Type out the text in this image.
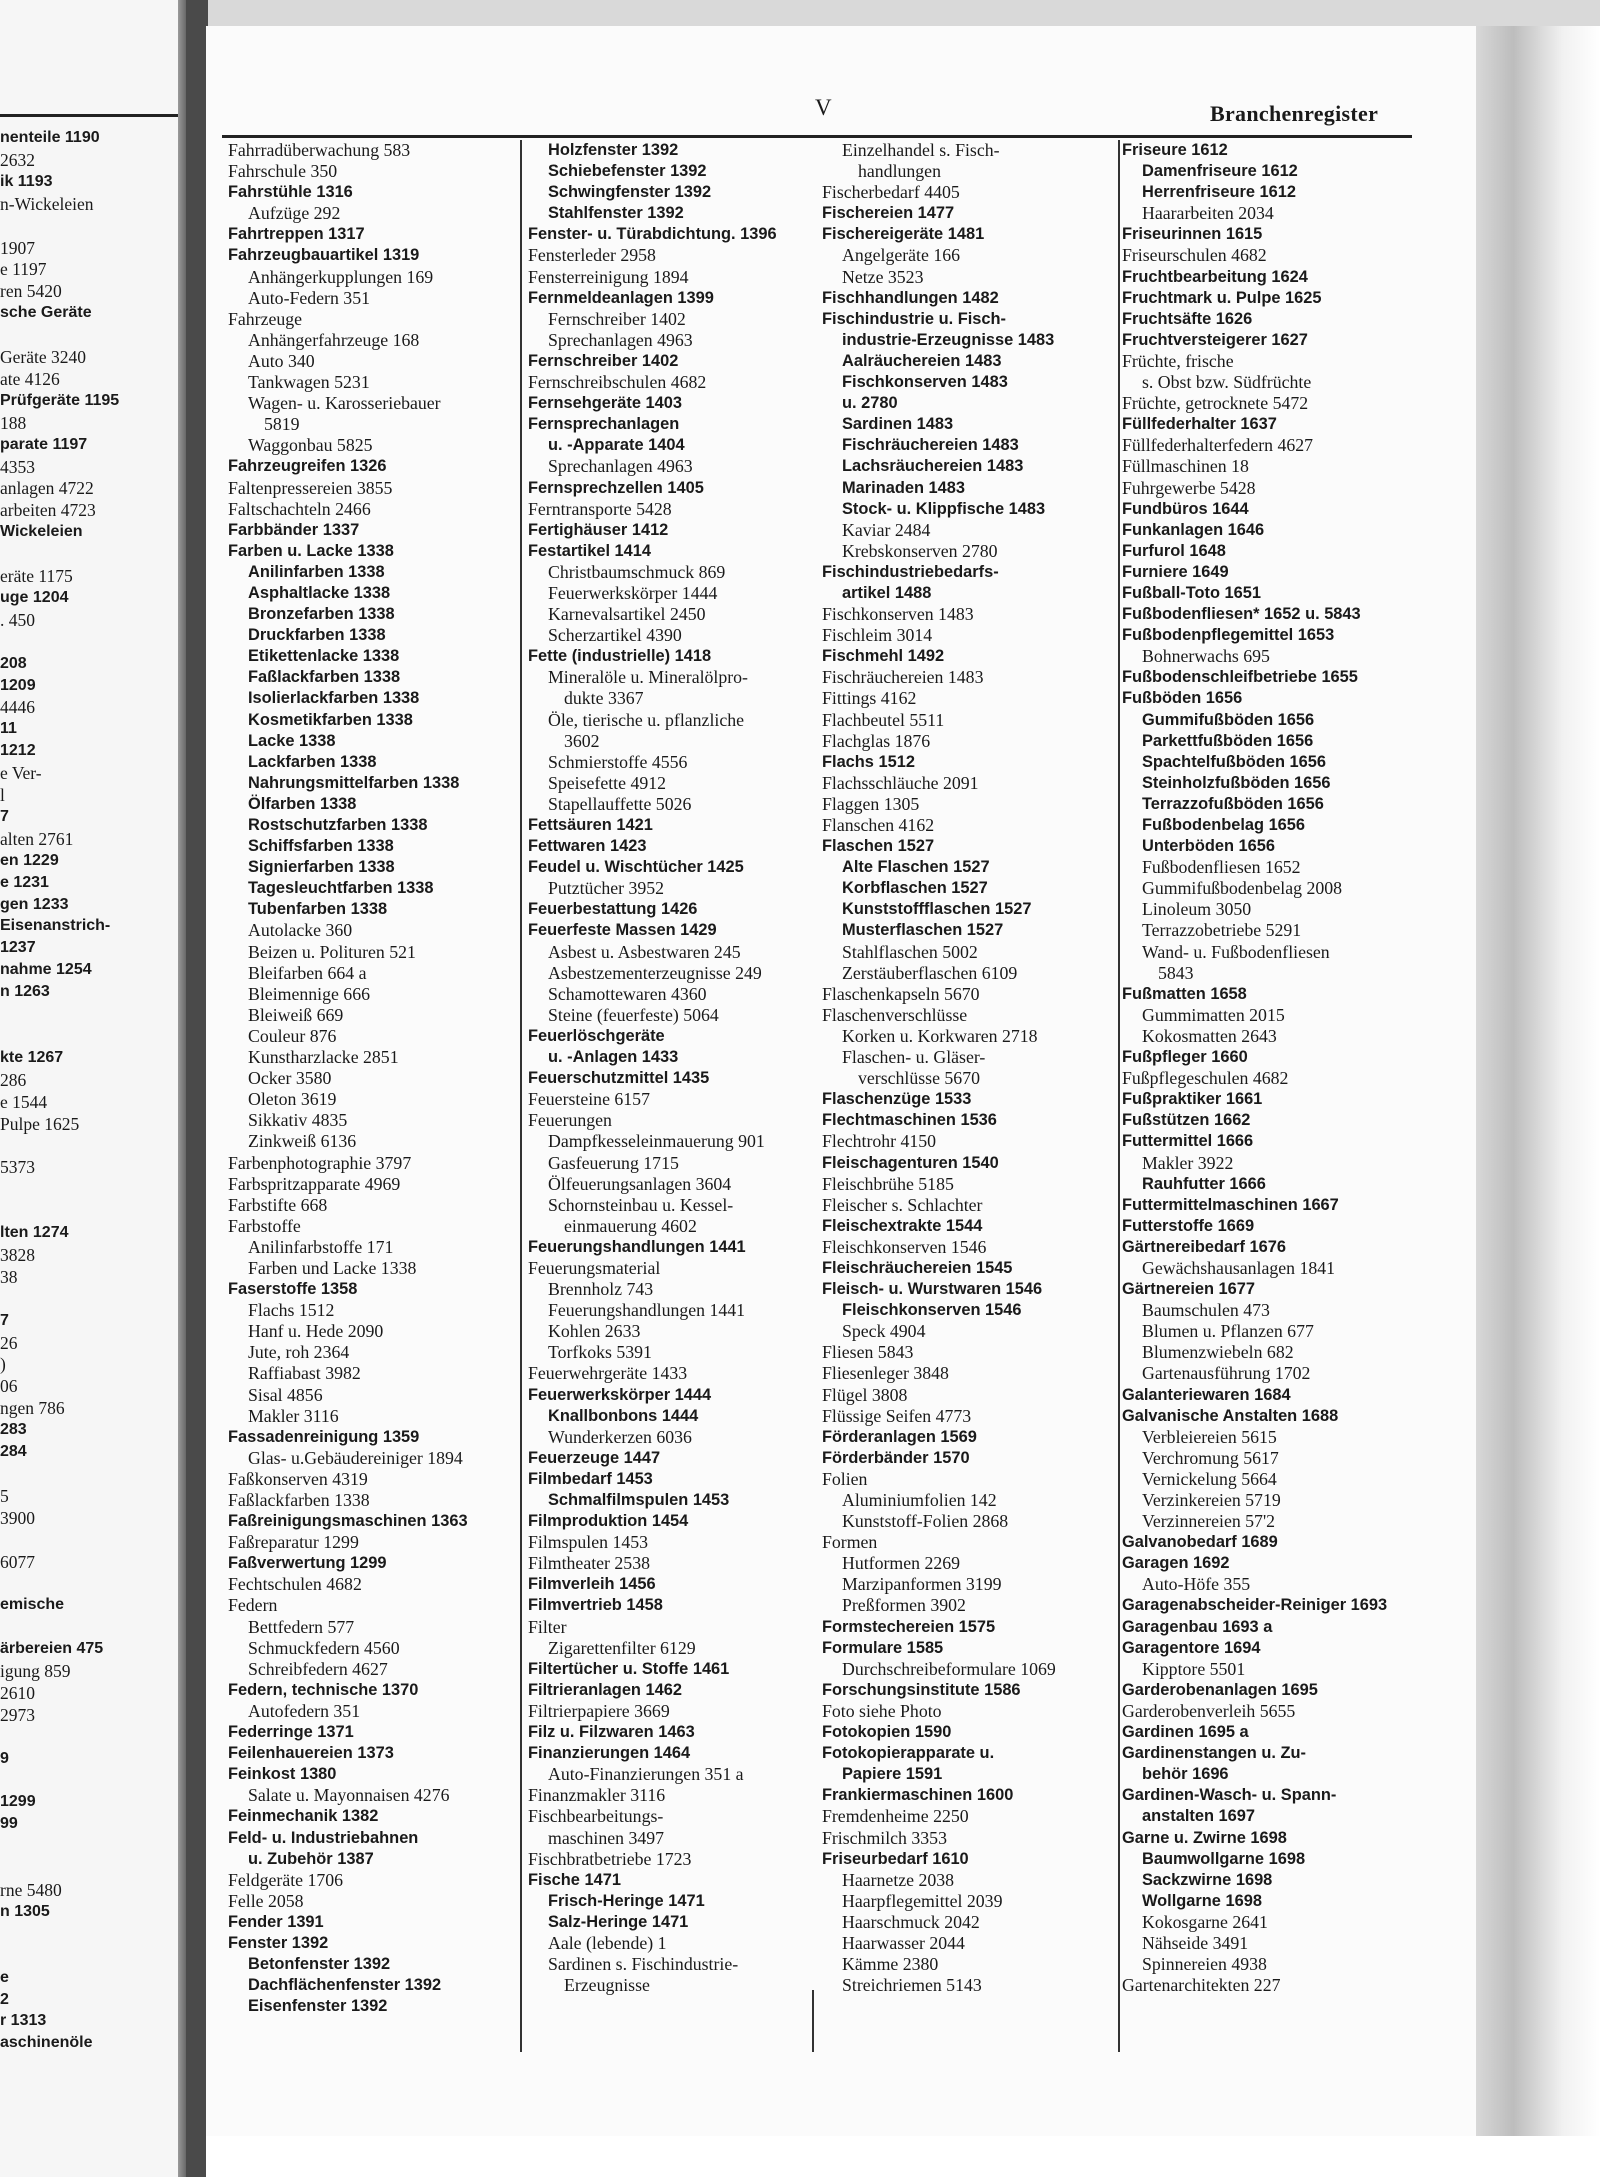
nenteile 1190
2632
ik 1193
n-Wickeleien
1907
e 1197
ren 5420
sche Geräte
Geräte 3240
ate 4126
Prüfgeräte 1195
188
parate 1197
4353
anlagen 4722
arbeiten 4723
Wickeleien
eräte 1175
uge 1204
. 450
208
1209
4446
11
1212
e Ver-
l
7
alten 2761
en 1229
e 1231
gen 1233
Eisenanstrich-
1237
nahme 1254
n 1263
kte 1267
286
e 1544
Pulpe 1625
5373
lten 1274
3828
38
7
26
)
06
ngen 786
283
284
5
3900
6077
emische
ärbereien 475
igung 859
2610
2973
9
1299
99
rne 5480
n 1305
e
2
r 1313
aschinenöle
V	Branchenregister
Fahrradüberwachung 583
Fahrschule 350
Fahrstühle 1316
Aufzüge 292
Fahrtreppen 1317
Fahrzeugbauartikel 1319
Anhängerkupplungen 169
Auto-Federn 351
Fahrzeuge
Anhängerfahrzeuge 168
Auto 340
Tankwagen 5231
Wagen- u. Karosseriebauer
5819
Waggonbau 5825
Fahrzeugreifen 1326
Faltenpressereien 3855
Faltschachteln 2466
Farbbänder 1337
Farben u. Lacke 1338
Anilinfarben 1338
Asphaltlacke 1338
Bronzefarben 1338
Druckfarben 1338
Etikettenlacke 1338
Faßlackfarben 1338
Isolierlackfarben 1338
Kosmetikfarben 1338
Lacke 1338
Lackfarben 1338
Nahrungsmittelfarben 1338
Ölfarben 1338
Rostschutzfarben 1338
Schiffsfarben 1338
Signierfarben 1338
Tagesleuchtfarben 1338
Tubenfarben 1338
Autolacke 360
Beizen u. Polituren 521
Bleifarben 664 a
Bleimennige 666
Bleiweiß 669
Couleur 876
Kunstharzlacke 2851
Ocker 3580
Oleton 3619
Sikkativ 4835
Zinkweiß 6136
Farbenphotographie 3797
Farbspritzapparate 4969
Farbstifte 668
Farbstoffe
Anilinfarbstoffe 171
Farben und Lacke 1338
Faserstoffe 1358
Flachs 1512
Hanf u. Hede 2090
Jute, roh 2364
Raffiabast 3982
Sisal 4856
Makler 3116
Fassadenreinigung 1359
Glas- u.Gebäudereiniger 1894
Faßkonserven 4319
Faßlackfarben 1338
Faßreinigungsmaschinen 1363
Faßreparatur 1299
Faßverwertung 1299
Fechtschulen 4682
Federn
Bettfedern 577
Schmuckfedern 4560
Schreibfedern 4627
Federn, technische 1370
Autofedern 351
Federringe 1371
Feilenhauereien 1373
Feinkost 1380
Salate u. Mayonnaisen 4276
Feinmechanik 1382
Feld- u. Industriebahnen
u. Zubehör 1387
Feldgeräte 1706
Felle 2058
Fender 1391
Fenster 1392
Betonfenster 1392
Dachflächenfenster 1392
Eisenfenster 1392
Holzfenster 1392
Schiebefenster 1392
Schwingfenster 1392
Stahlfenster 1392
Fenster- u. Türabdichtung. 1396
Fensterleder 2958
Fensterreinigung 1894
Fernmeldeanlagen 1399
Fernschreiber 1402
Sprechanlagen 4963
Fernschreiber 1402
Fernschreibschulen 4682
Fernsehgeräte 1403
Fernsprechanlagen
u. -Apparate 1404
Sprechanlagen 4963
Fernsprechzellen 1405
Ferntransporte 5428
Fertighäuser 1412
Festartikel 1414
Christbaumschmuck 869
Feuerwerkskörper 1444
Karnevalsartikel 2450
Scherzartikel 4390
Fette (industrielle) 1418
Mineralöle u. Mineralölpro-
dukte 3367
Öle, tierische u. pflanzliche
3602
Schmierstoffe 4556
Speisefette 4912
Stapellauffette 5026
Fettsäuren 1421
Fettwaren 1423
Feudel u. Wischtücher 1425
Putztücher 3952
Feuerbestattung 1426
Feuerfeste Massen 1429
Asbest u. Asbestwaren 245
Asbestzementerzeugnisse 249
Schamottewaren 4360
Steine (feuerfeste) 5064
Feuerlöschgeräte
u. -Anlagen 1433
Feuerschutzmittel 1435
Feuersteine 6157
Feuerungen
Dampfkesseleinmauerung 901
Gasfeuerung 1715
Ölfeuerungsanlagen 3604
Schornsteinbau u. Kessel-
einmauerung 4602
Feuerungshandlungen 1441
Feuerungsmaterial
Brennholz 743
Feuerungshandlungen 1441
Kohlen 2633
Torfkoks 5391
Feuerwehrgeräte 1433
Feuerwerkskörper 1444
Knallbonbons 1444
Wunderkerzen 6036
Feuerzeuge 1447
Filmbedarf 1453
Schmalfilmspulen 1453
Filmproduktion 1454
Filmspulen 1453
Filmtheater 2538
Filmverleih 1456
Filmvertrieb 1458
Filter
Zigarettenfilter 6129
Filtertücher u. Stoffe 1461
Filtrieranlagen 1462
Filtrierpapiere 3669
Filz u. Filzwaren 1463
Finanzierungen 1464
Auto-Finanzierungen 351 a
Finanzmakler 3116
Fischbearbeitungs-
maschinen 3497
Fischbratbetriebe 1723
Fische 1471
Frisch-Heringe 1471
Salz-Heringe 1471
Aale (lebende) 1
Sardinen s. Fischindustrie-
Erzeugnisse
Einzelhandel s. Fisch-
handlungen
Fischerbedarf 4405
Fischereien 1477
Fischereigeräte 1481
Angelgeräte 166
Netze 3523
Fischhandlungen 1482
Fischindustrie u. Fisch-
industrie-Erzeugnisse 1483
Aalräuchereien 1483
Fischkonserven 1483
u. 2780
Sardinen 1483
Fischräuchereien 1483
Lachsräuchereien 1483
Marinaden 1483
Stock- u. Klippfische 1483
Kaviar 2484
Krebskonserven 2780
Fischindustriebedarfs-
artikel 1488
Fischkonserven 1483
Fischleim 3014
Fischmehl 1492
Fischräuchereien 1483
Fittings 4162
Flachbeutel 5511
Flachglas 1876
Flachs 1512
Flachsschläuche 2091
Flaggen 1305
Flanschen 4162
Flaschen 1527
Alte Flaschen 1527
Korbflaschen 1527
Kunststoffflaschen 1527
Musterflaschen 1527
Stahlflaschen 5002
Zerstäuberflaschen 6109
Flaschenkapseln 5670
Flaschenverschlüsse
Korken u. Korkwaren 2718
Flaschen- u. Gläser-
verschlüsse 5670
Flaschenzüge 1533
Flechtmaschinen 1536
Flechtrohr 4150
Fleischagenturen 1540
Fleischbrühe 5185
Fleischer s. Schlachter
Fleischextrakte 1544
Fleischkonserven 1546
Fleischräuchereien 1545
Fleisch- u. Wurstwaren 1546
Fleischkonserven 1546
Speck 4904
Fliesen 5843
Fliesenleger 3848
Flügel 3808
Flüssige Seifen 4773
Förderanlagen 1569
Förderbänder 1570
Folien
Aluminiumfolien 142
Kunststoff-Folien 2868
Formen
Hutformen 2269
Marzipanformen 3199
Preßformen 3902
Formstechereien 1575
Formulare 1585
Durchschreibeformulare 1069
Forschungsinstitute 1586
Foto siehe Photo
Fotokopien 1590
Fotokopierapparate u.
Papiere 1591
Frankiermaschinen 1600
Fremdenheime 2250
Frischmilch 3353
Friseurbedarf 1610
Haarnetze 2038
Haarpflegemittel 2039
Haarschmuck 2042
Haarwasser 2044
Kämme 2380
Streichriemen 5143
Friseure 1612
Damenfriseure 1612
Herrenfriseure 1612
Haararbeiten 2034
Friseurinnen 1615
Friseurschulen 4682
Fruchtbearbeitung 1624
Fruchtmark u. Pulpe 1625
Fruchtsäfte 1626
Fruchtversteigerer 1627
Früchte, frische
s. Obst bzw. Südfrüchte
Früchte, getrocknete 5472
Füllfederhalter 1637
Füllfederhalterfedern 4627
Füllmaschinen 18
Fuhrgewerbe 5428
Fundbüros 1644
Funkanlagen 1646
Furfurol 1648
Furniere 1649
Fußball-Toto 1651
Fußbodenfliesen* 1652 u. 5843
Fußbodenpflegemittel 1653
Bohnerwachs 695
Fußbodenschleifbetriebe 1655
Fußböden 1656
Gummifußböden 1656
Parkettfußböden 1656
Spachtelfußböden 1656
Steinholzfußböden 1656
Terrazzofußböden 1656
Fußbodenbelag 1656
Unterböden 1656
Fußbodenfliesen 1652
Gummifußbodenbelag 2008
Linoleum 3050
Terrazzobetriebe 5291
Wand- u. Fußbodenfliesen
5843
Fußmatten 1658
Gummimatten 2015
Kokosmatten 2643
Fußpfleger 1660
Fußpflegeschulen 4682
Fußpraktiker 1661
Fußstützen 1662
Futtermittel 1666
Makler 3922
Rauhfutter 1666
Futtermittelmaschinen 1667
Futterstoffe 1669
Gärtnereibedarf 1676
Gewächshausanlagen 1841
Gärtnereien 1677
Baumschulen 473
Blumen u. Pflanzen 677
Blumenzwiebeln 682
Gartenausführung 1702
Galanteriewaren 1684
Galvanische Anstalten 1688
Verbleiereien 5615
Verchromung 5617
Vernickelung 5664
Verzinkereien 5719
Verzinnereien 57'2
Galvanobedarf 1689
Garagen 1692
Auto-Höfe 355
Garagenabscheider-Reiniger 1693
Garagenbau 1693 a
Garagentore 1694
Kipptore 5501
Garderobenanlagen 1695
Garderobenverleih 5655
Gardinen 1695 a
Gardinenstangen u. Zu-
behör 1696
Gardinen-Wasch- u. Spann-
anstalten 1697
Garne u. Zwirne 1698
Baumwollgarne 1698
Sackzwirne 1698
Wollgarne 1698
Kokosgarne 2641
Nähseide 3491
Spinnereien 4938
Gartenarchitekten 227
